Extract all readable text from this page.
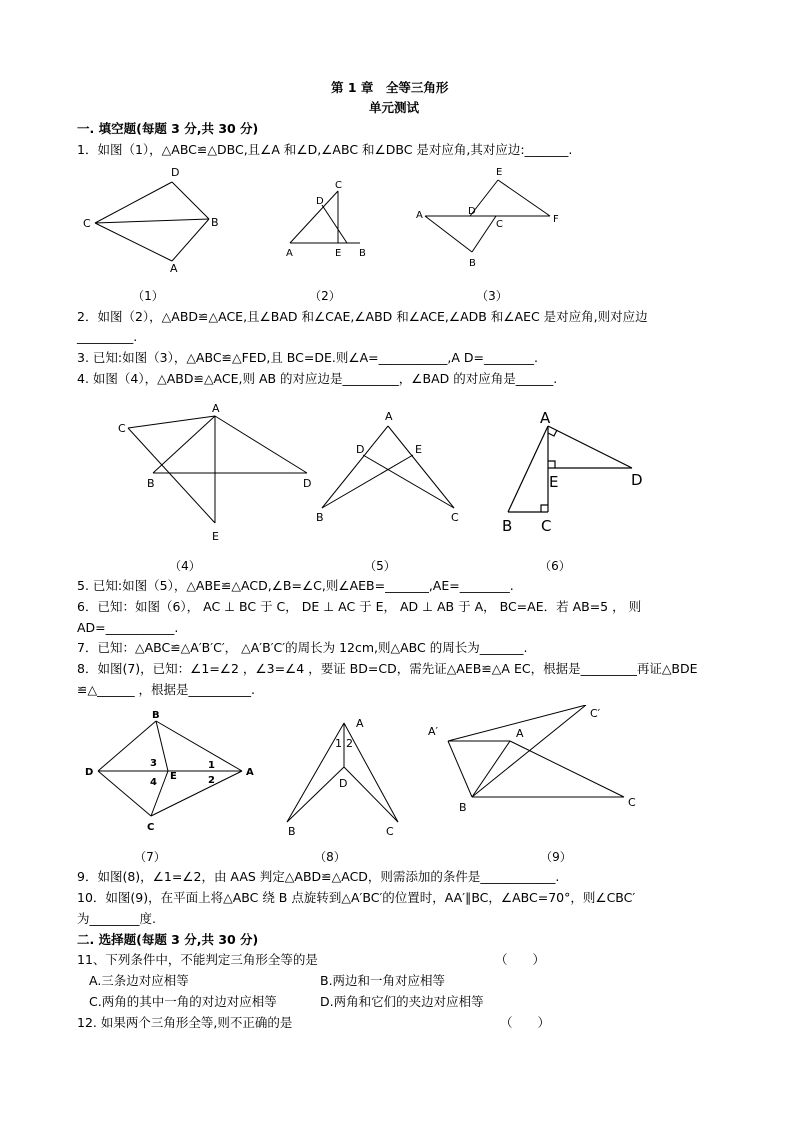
第 1 章　全等三角形
单元测试
一. 填空题(每题 3 分,共 30 分)
1．如图（1），△ABC≌△DBC,且∠A 和∠D,∠ABC 和∠DBC 是对应角,其对应边:_______.
D
C	B
A
C
D
A	E B
E
A	D
C	F
B
（1）	（2）	（3）
2．如图（2），△ABD≌△ACE,且∠BAD 和∠CAE,∠ABD 和∠ACE,∠ADB 和∠AEC 是对应角,则对应边
_________.
3. 已知:如图（3），△ABC≌△FED,且 BC=DE.则∠A=___________,A D=________.
4. 如图（4），△ABD≌△ACE,则 AB 的对应边是_________，∠BAD 的对应角是______.
C
A
B	D
E
A
D	E
B	C
A
E	D
B C
（4）	（5）	（6）
5. 已知:如图（5），△ABE≌△ACD,∠B=∠C,则∠AEB=_______,AE=________.
6．已知：如图（6）， AC ⊥ BC 于 C， DE ⊥ AC 于 E， AD ⊥ AB 于 A， BC=AE．若 AB=5 ， 则
AD=___________.
7．已知：△ABC≌△A′B′C′， △A′B′C′的周长为 12cm,则△ABC 的周长为_______.
8．如图(7)，已知：∠1=∠2 ，∠3=∠4 ，要证 BD=CD，需先证△AEB≌△A EC，根据是_________再证△BDE
≌△______ ，根据是__________.
B
D	E	A
C
1
2
3
4
A
1 2
D
B	C
C′
A′	A
B	C
（7）	（8）	（9）
9．如图(8)，∠1=∠2，由 AAS 判定△ABD≌△ACD，则需添加的条件是____________.
10．如图(9)，在平面上将△ABC 绕 B 点旋转到△A′BC′的位置时，AA′∥BC，∠ABC=70°，则∠CBC′
为________度.
二. 选择题(每题 3 分,共 30 分)
11、下列条件中，不能判定三角形全等的是	（　　）
A.三条边对应相等	B.两边和一角对应相等
C.两角的其中一角的对边对应相等	D.两角和它们的夹边对应相等
12. 如果两个三角形全等,则不正确的是	（　　）
